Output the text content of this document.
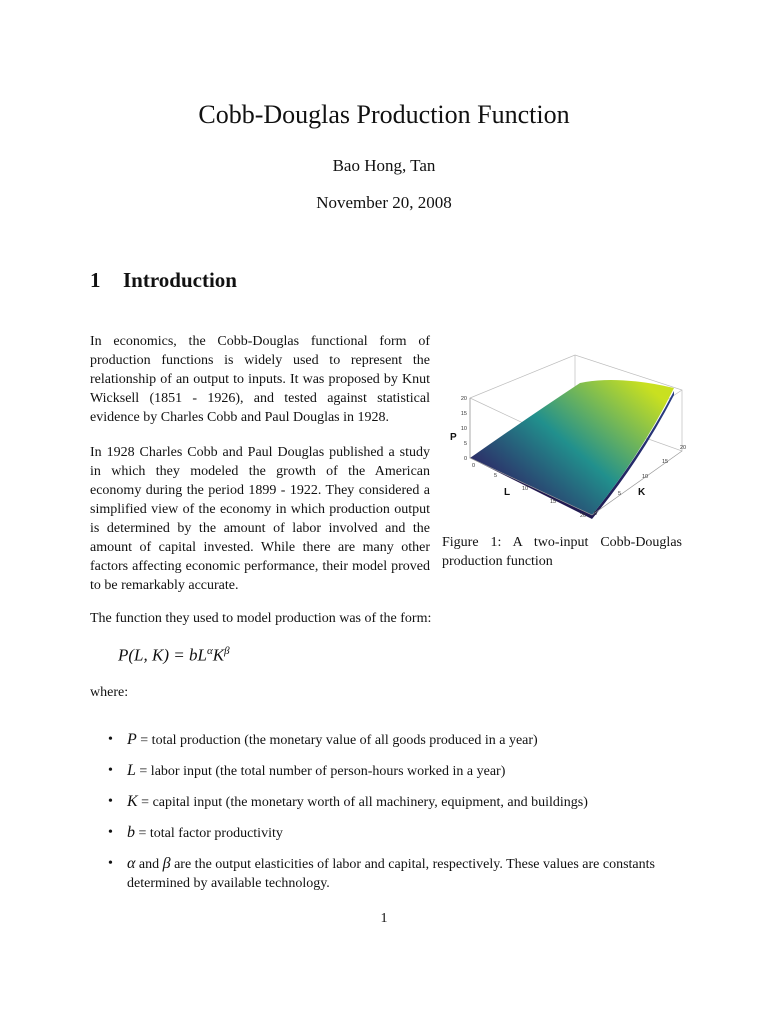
Cobb-Douglas Production Function
Bao Hong, Tan
November 20, 2008
1 Introduction
In economics, the Cobb-Douglas functional form of production functions is widely used to represent the relationship of an output to inputs. It was proposed by Knut Wicksell (1851 - 1926), and tested against statistical evidence by Charles Cobb and Paul Douglas in 1928.
In 1928 Charles Cobb and Paul Douglas published a study in which they modeled the growth of the American economy during the period 1899 - 1922. They considered a simplified view of the economy in which production output is determined by the amount of labor involved and the amount of capital invested. While there are many other factors affecting economic performance, their model proved to be remarkably accurate.
0
5
10
15
20
P
0
5
10
15
20
L
0
5
10
15
20
K
Figure 1: A two-input Cobb-Douglas production function
The function they used to model production was of the form:
P(L, $K) = bL^\alpha K^\beta$
where:
• P = total production (the monetary value of all goods produced in a year)
• L = labor input (the total number of person-hours worked in a year)
• K = capital input (the monetary worth of all machinery, equipment, and buildings)
• b = total factor productivity
• α and β are the output elasticities of labor and capital, respectively. These values are constants determined by available technology.
1
